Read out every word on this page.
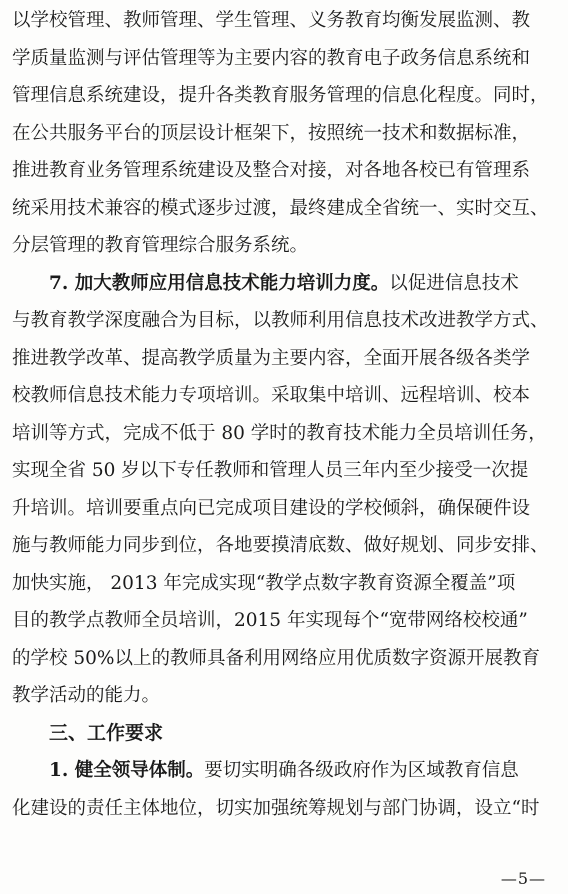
以学校管理、教师管理、学生管理、义务教育均衡发展监测、教
学质量监测与评估管理等为主要内容的教育电子政务信息系统和
管理信息系统建设，提升各类教育服务管理的信息化程度。同时，
在公共服务平台的顶层设计框架下，按照统一技术和数据标准，
推进教育业务管理系统建设及整合对接，对各地各校已有管理系
统采用技术兼容的模式逐步过渡，最终建成全省统一、实时交互、
分层管理的教育管理综合服务系统。
7. 加大教师应用信息技术能力培训力度。以促进信息技术
与教育教学深度融合为目标，以教师利用信息技术改进教学方式、
推进教学改革、提高教学质量为主要内容，全面开展各级各类学
校教师信息技术能力专项培训。采取集中培训、远程培训、校本
培训等方式，完成不低于 80 学时的教育技术能力全员培训任务，
实现全省 50 岁以下专任教师和管理人员三年内至少接受一次提
升培训。培训要重点向已完成项目建设的学校倾斜，确保硬件设
施与教师能力同步到位，各地要摸清底数、做好规划、同步安排、
加快实施， 2013 年完成实现“教学点数字教育资源全覆盖”项
目的教学点教师全员培训，2015 年实现每个“宽带网络校校通”
的学校 50%以上的教师具备利用网络应用优质数字资源开展教育
教学活动的能力。
三、工作要求
1. 健全领导体制。要切实明确各级政府作为区域教育信息
化建设的责任主体地位，切实加强统筹规划与部门协调，设立“时
—5—
